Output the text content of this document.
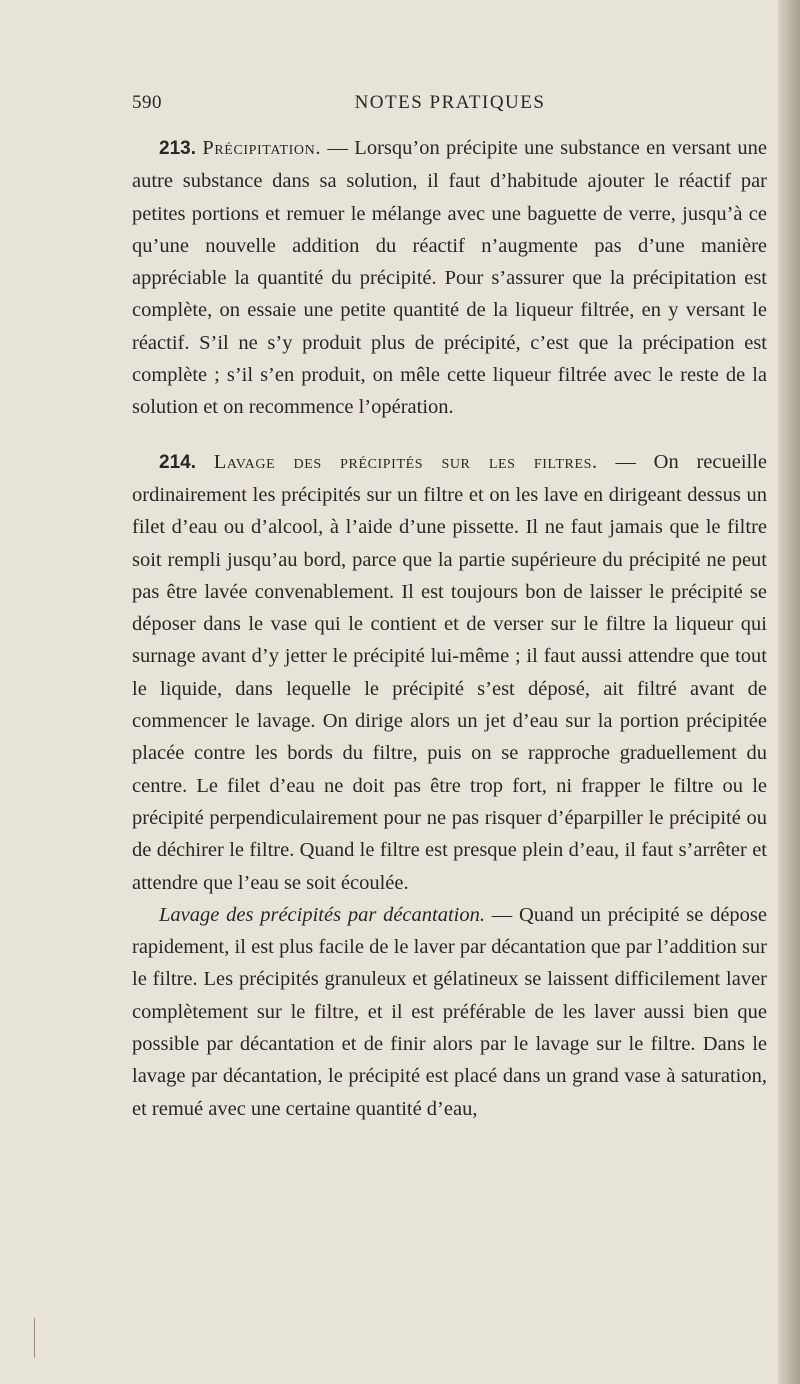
590	NOTES PRATIQUES

213. Précipitation. — Lorsqu’on précipite une substance en versant une autre substance dans sa solution, il faut d’habitude ajouter le réactif par petites portions et remuer le mélange avec une baguette de verre, jusqu’à ce qu’une nouvelle addition du réactif n’augmente pas d’une manière appréciable la quantité du précipité. Pour s’assurer que la précipitation est complète, on essaie une petite quantité de la liqueur filtrée, en y versant le réactif. S’il ne s’y produit plus de précipité, c’est que la précipation est complète ; s’il s’en produit, on mêle cette liqueur filtrée avec le reste de la solution et on recommence l’opération.

214. Lavage des précipités sur les filtres. — On recueille ordinairement les précipités sur un filtre et on les lave en dirigeant dessus un filet d’eau ou d’alcool, à l’aide d’une pissette. Il ne faut jamais que le filtre soit rempli jusqu’au bord, parce que la partie supérieure du précipité ne peut pas être lavée convenablement. Il est toujours bon de laisser le précipité se déposer dans le vase qui le contient et de verser sur le filtre la liqueur qui surnage avant d’y jetter le précipité lui-même ; il faut aussi attendre que tout le liquide, dans lequelle le précipité s’est déposé, ait filtré avant de commencer le lavage. On dirige alors un jet d’eau sur la portion précipitée placée contre les bords du filtre, puis on se rapproche graduellement du centre. Le filet d’eau ne doit pas être trop fort, ni frapper le filtre ou le précipité perpendiculairement pour ne pas risquer d’éparpiller le précipité ou de déchirer le filtre. Quand le filtre est presque plein d’eau, il faut s’arrêter et attendre que l’eau se soit écoulée.

Lavage des précipités par décantation. — Quand un précipité se dépose rapidement, il est plus facile de le laver par décantation que par l’addition sur le filtre. Les précipités granuleux et gélatineux se laissent difficilement laver complètement sur le filtre, et il est préférable de les laver aussi bien que possible par décantation et de finir alors par le lavage sur le filtre. Dans le lavage par décantation, le précipité est placé dans un grand vase à saturation, et remué avec une certaine quantité d’eau,
